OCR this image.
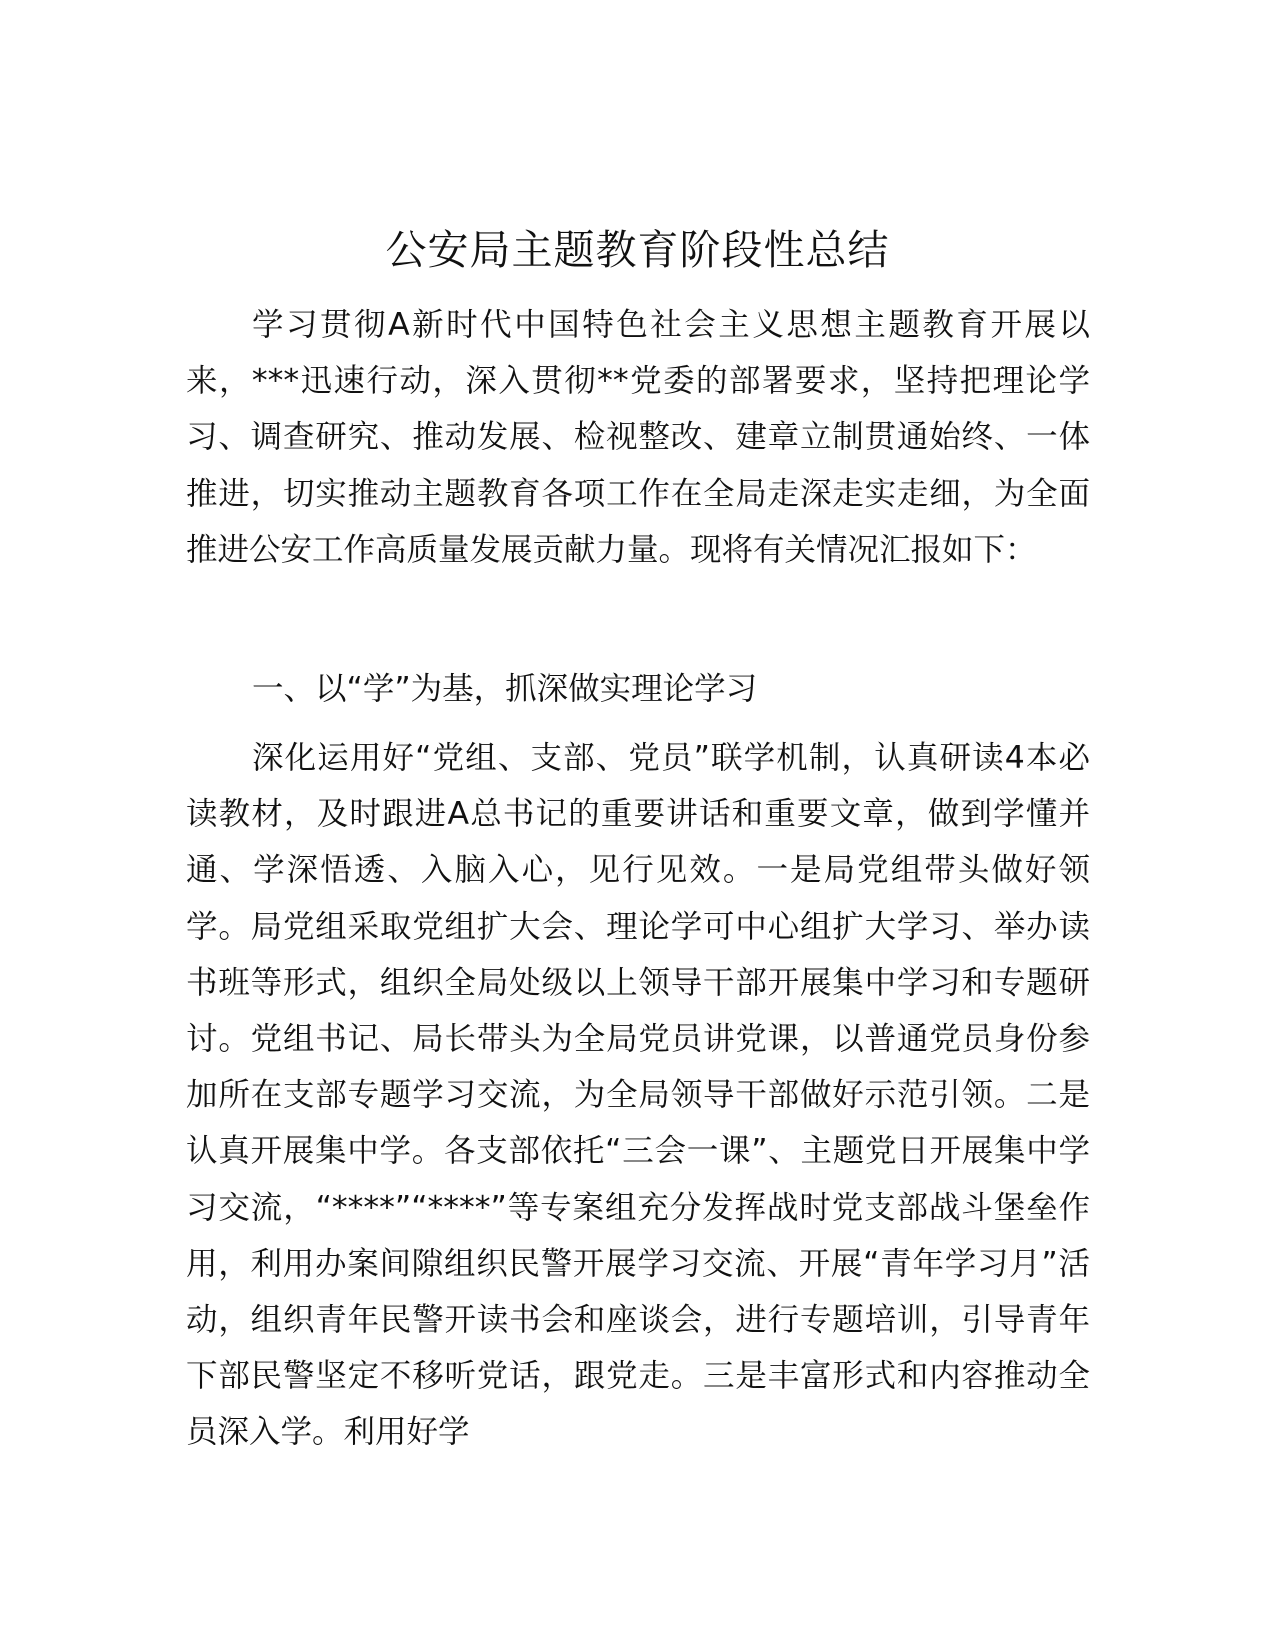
公安局主题教育阶段性总结

学习贯彻A新时代中国特色社会主义思想主题教育开展以来，***迅速行动，深入贯彻**党委的部署要求，坚持把理论学习、调查研究、推动发展、检视整改、建章立制贯通始终、一体推进，切实推动主题教育各项工作在全局走深走实走细，为全面推进公安工作高质量发展贡献力量。现将有关情况汇报如下：

一、以“学”为基，抓深做实理论学习

深化运用好“党组、支部、党员”联学机制，认真研读4本必读教材，及时跟进A总书记的重要讲话和重要文章，做到学懂并通、学深悟透、入脑入心，见行见效。一是局党组带头做好领学。局党组采取党组扩大会、理论学可中心组扩大学习、举办读书班等形式，组织全局处级以上领导干部开展集中学习和专题研讨。党组书记、局长带头为全局党员讲党课，以普通党员身份参加所在支部专题学习交流，为全局领导干部做好示范引领。二是认真开展集中学。各支部依托“三会一课”、主题党日开展集中学习交流，“****”“****”等专案组充分发挥战时党支部战斗堡垒作用，利用办案间隙组织民警开展学习交流、开展“青年学习月”活动，组织青年民警开读书会和座谈会，进行专题培训，引导青年下部民警坚定不移听党话，跟党走。三是丰富形式和内容推动全员深入学。利用好学
